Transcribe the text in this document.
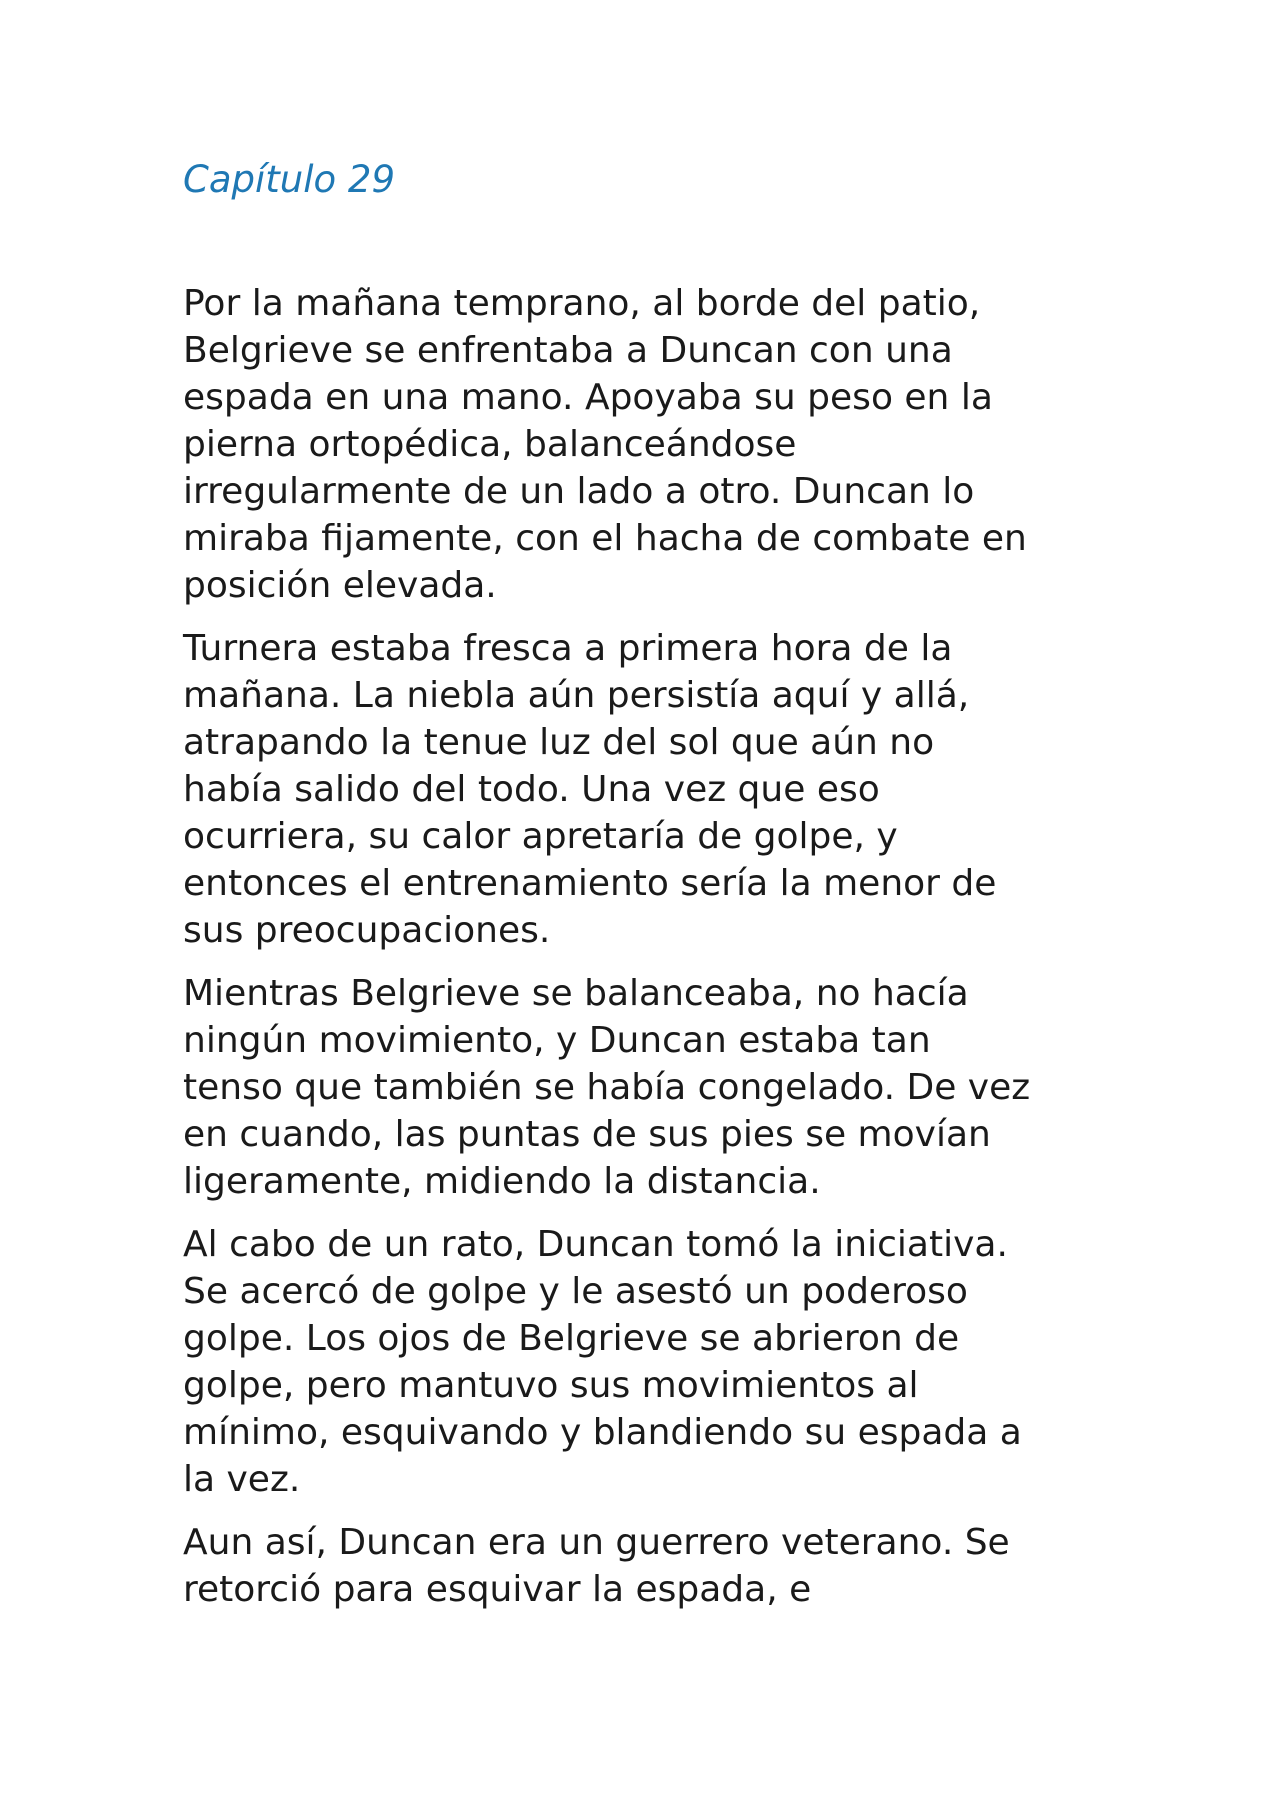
Capítulo 29

Por la mañana temprano, al borde del patio,
Belgrieve se enfrentaba a Duncan con una
espada en una mano. Apoyaba su peso en la
pierna ortopédica, balanceándose
irregularmente de un lado a otro. Duncan lo
miraba fijamente, con el hacha de combate en
posición elevada.

Turnera estaba fresca a primera hora de la
mañana. La niebla aún persistía aquí y allá,
atrapando la tenue luz del sol que aún no
había salido del todo. Una vez que eso
ocurriera, su calor apretaría de golpe, y
entonces el entrenamiento sería la menor de
sus preocupaciones.

Mientras Belgrieve se balanceaba, no hacía
ningún movimiento, y Duncan estaba tan
tenso que también se había congelado. De vez
en cuando, las puntas de sus pies se movían
ligeramente, midiendo la distancia.

Al cabo de un rato, Duncan tomó la iniciativa.
Se acercó de golpe y le asestó un poderoso
golpe. Los ojos de Belgrieve se abrieron de
golpe, pero mantuvo sus movimientos al
mínimo, esquivando y blandiendo su espada a
la vez.

Aun así, Duncan era un guerrero veterano. Se
retorció para esquivar la espada, e
